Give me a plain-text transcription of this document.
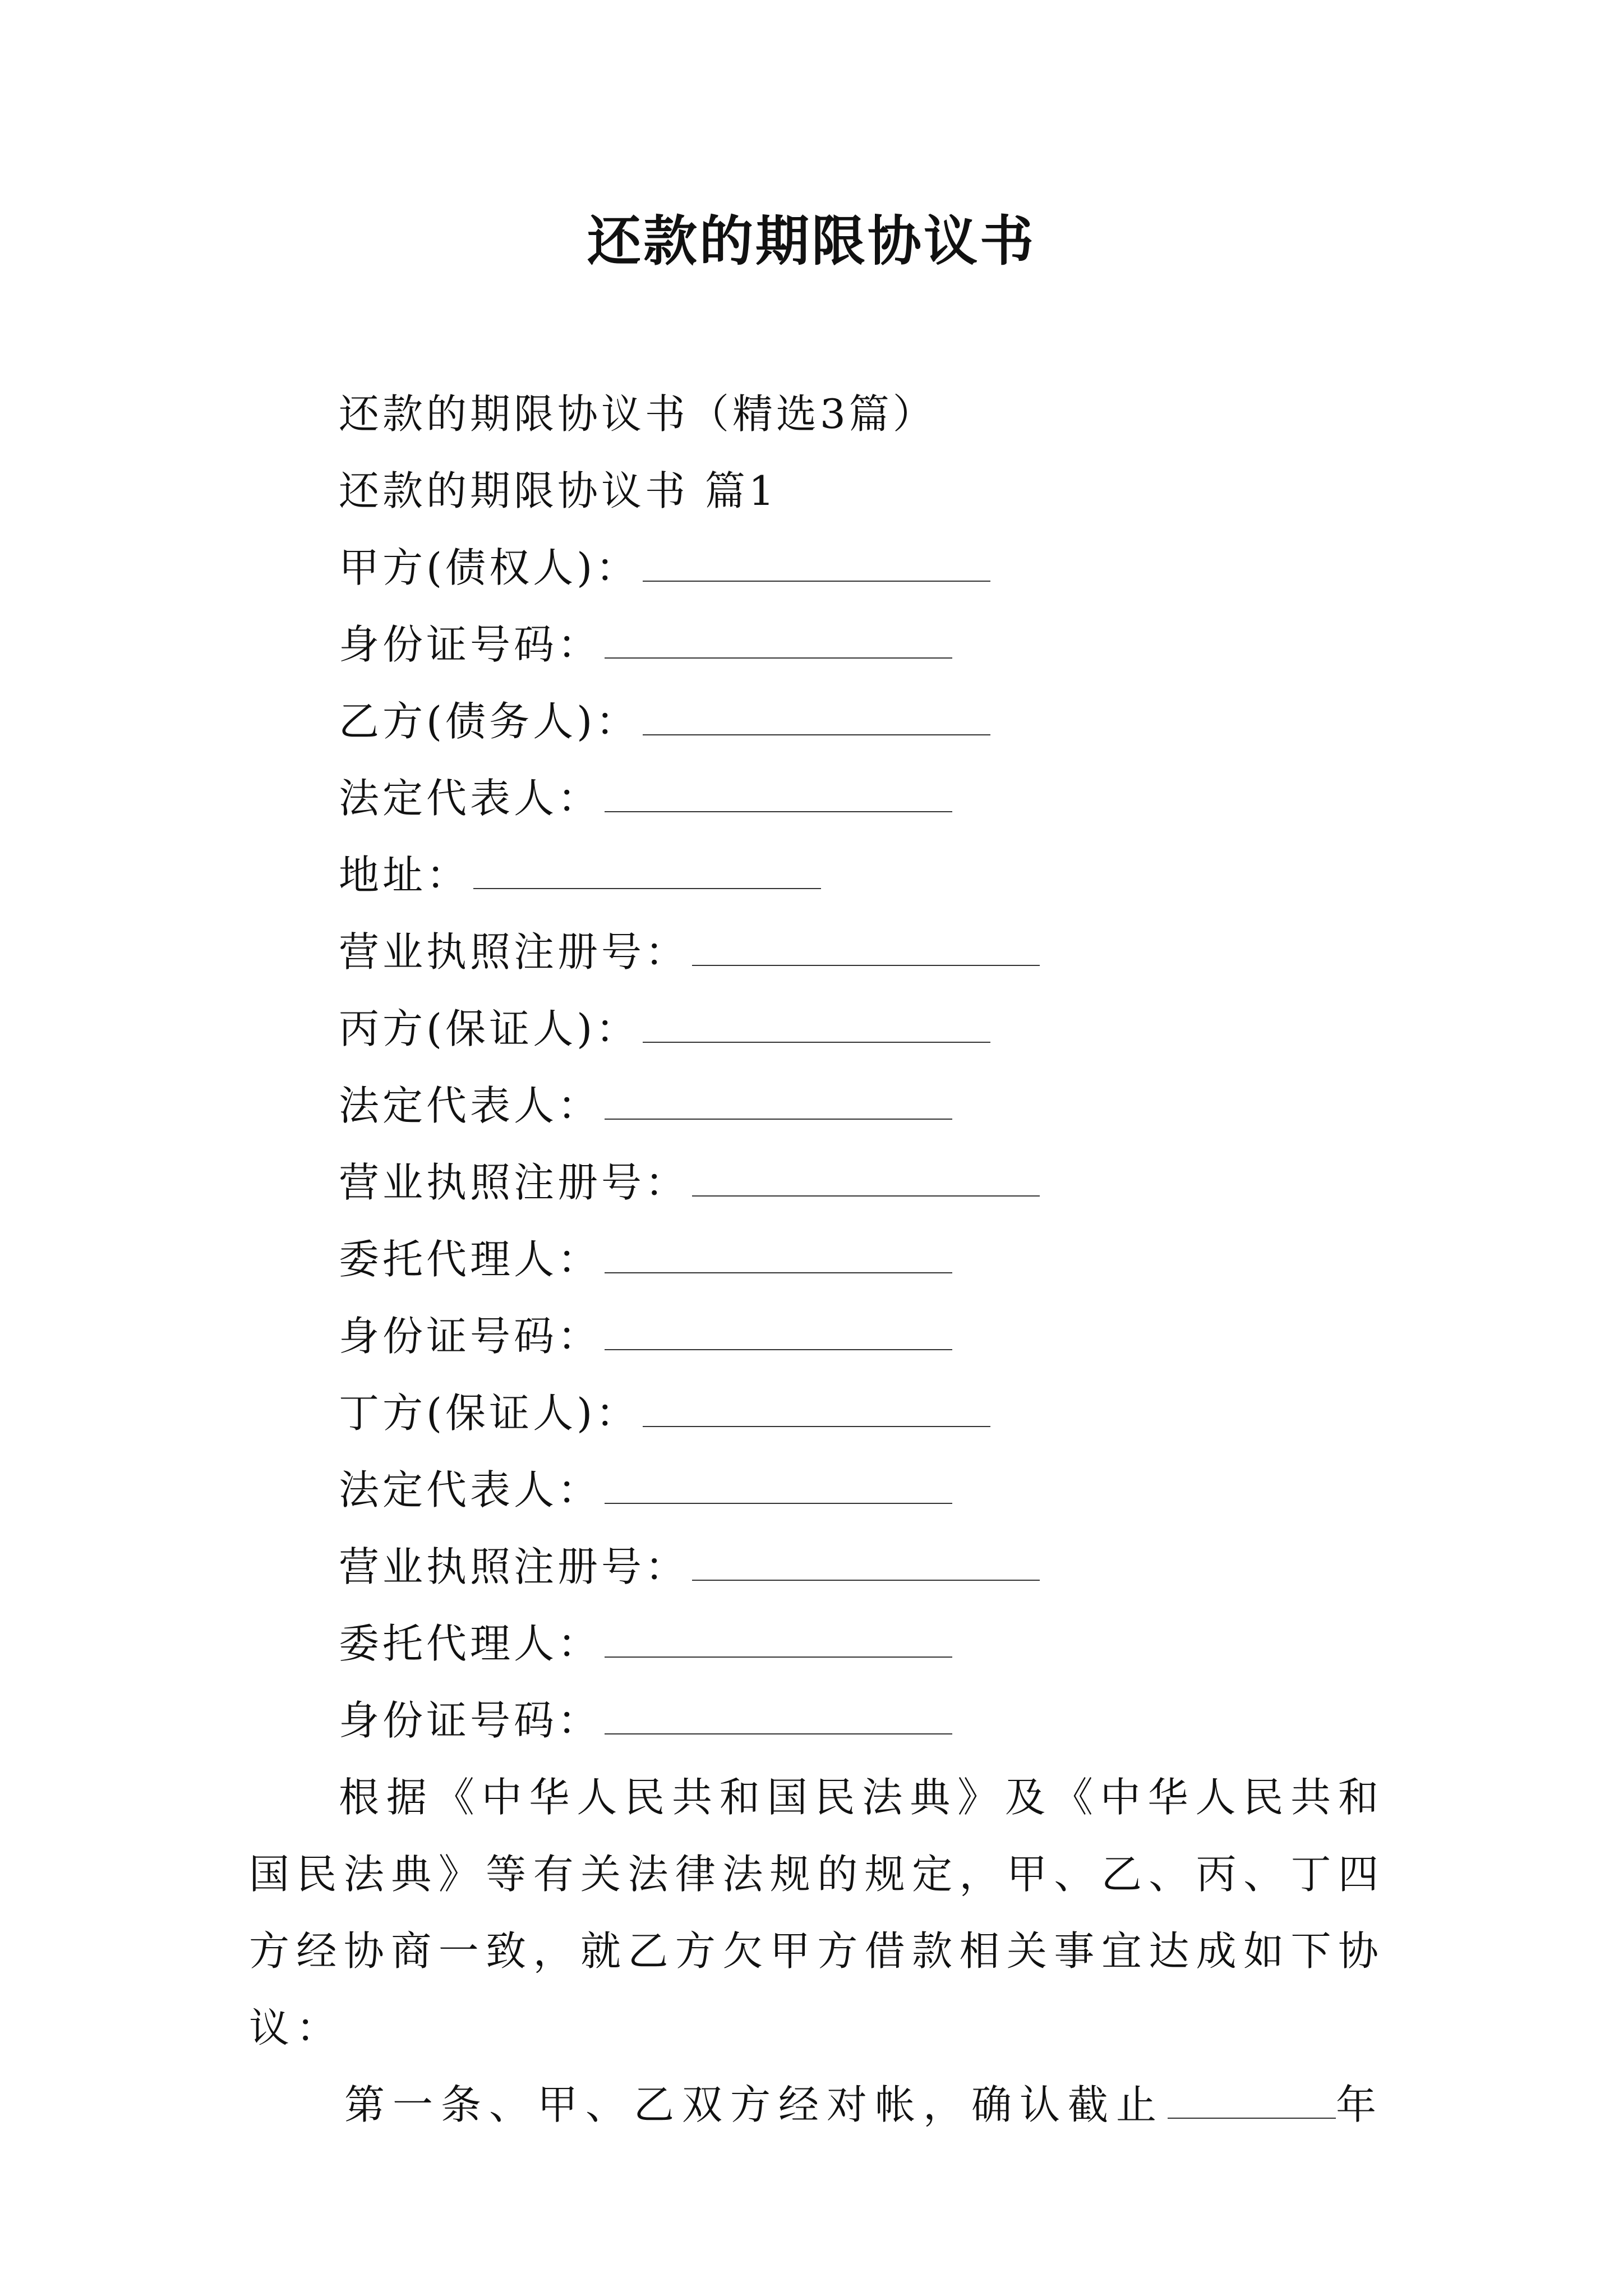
还款的期限协议书
还款的期限协议书（精选3篇）
还款的期限协议书 篇1
甲方(债权人)：
身份证号码：
乙方(债务人)：
法定代表人：
地址：
营业执照注册号：
丙方(保证人)：
法定代表人：
营业执照注册号：
委托代理人：
身份证号码：
丁方(保证人)：
法定代表人：
营业执照注册号：
委托代理人：
身份证号码：
根据《中华人民共和国民法典》及《中华人民共和国民法典》等有关法律法规的规定，甲、乙、丙、丁四方经协商一致，就乙方欠甲方借款相关事宜达成如下协议：
第一条、甲、乙双方经对帐，确认截止	年
